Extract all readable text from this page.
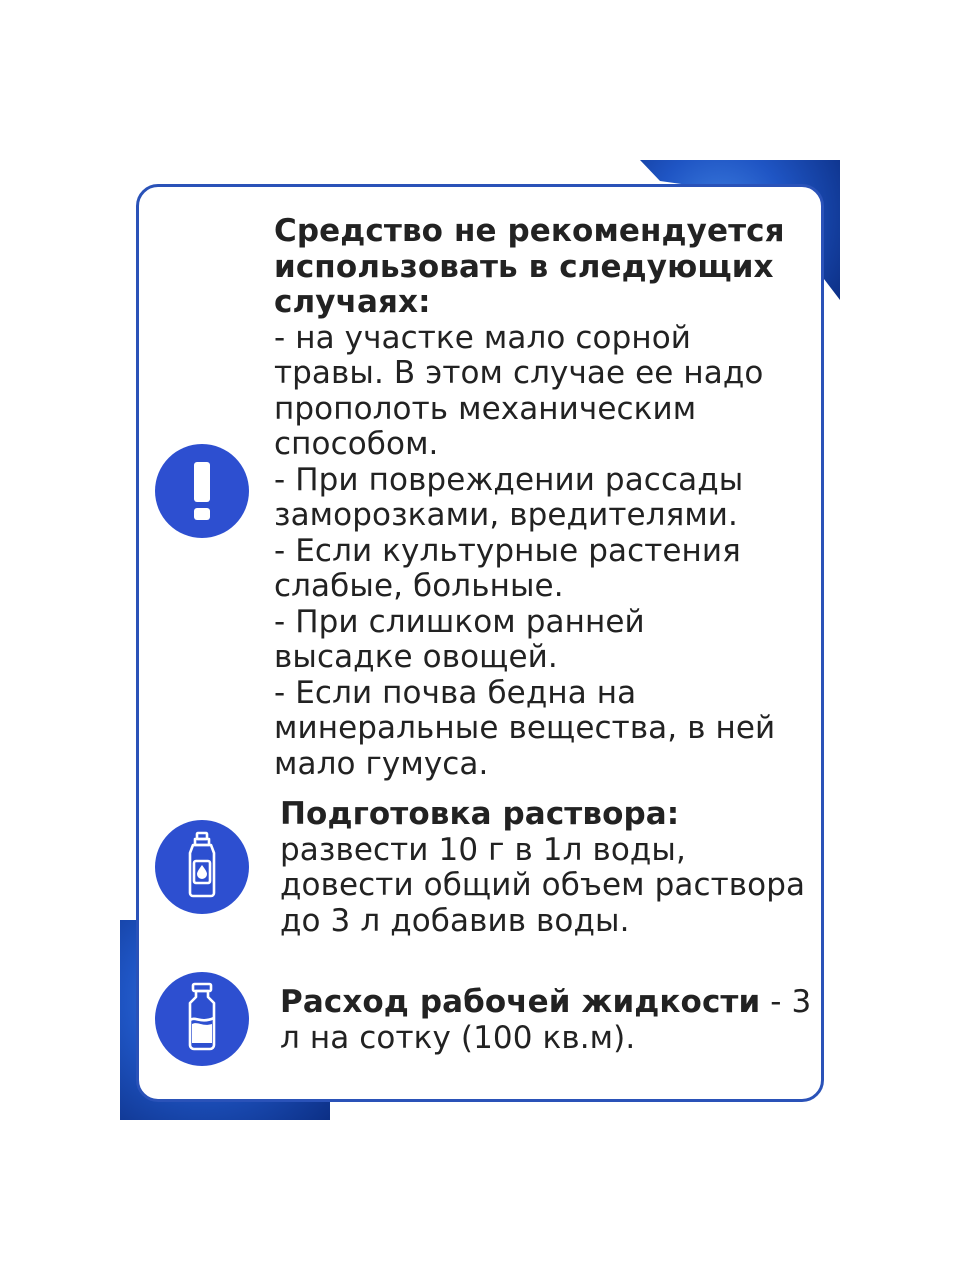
Средство не рекомендуется
использовать в следующих
случаях:
- на участке мало сорной
травы. В этом случае ее надо
прополоть механическим
способом.
- При повреждении рассады
заморозками, вредителями.
- Если культурные растения
слабые, больные.
- При слишком ранней
высадке овощей.
- Если почва бедна на
минеральные вещества, в ней
мало гумуса.
Подготовка раствора: развести 10 г в 1л воды, довести общий объем раствора до 3 л добавив воды.
Расход рабочей жидкости - 3 л на сотку (100 кв.м).
